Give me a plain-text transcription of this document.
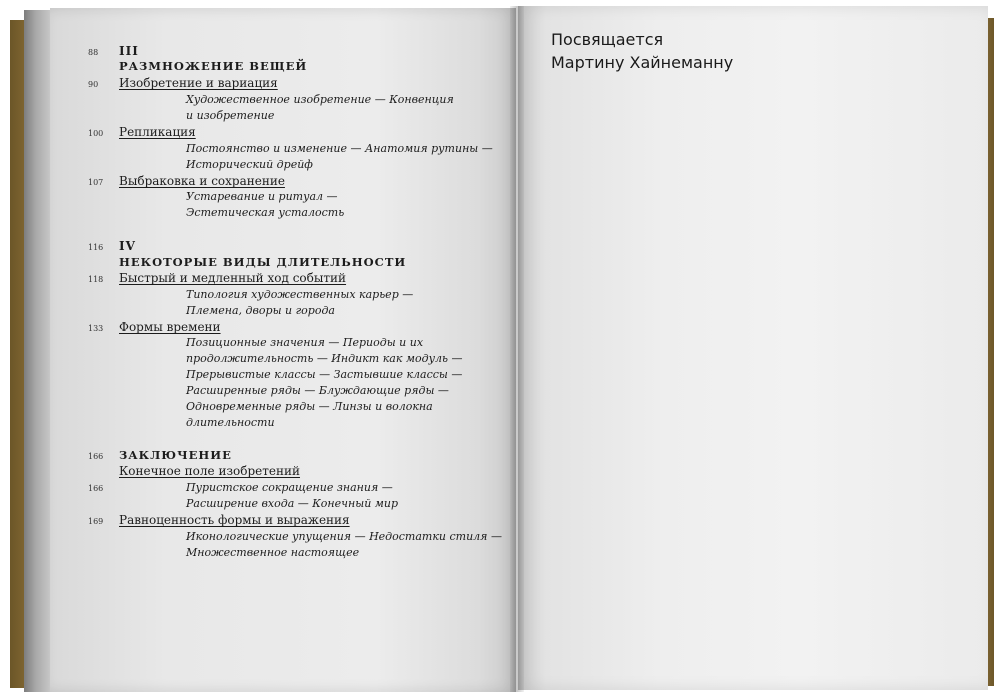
88	III
РАЗМНОЖЕНИЕ ВЕЩЕЙ
90	Изобретение и вариация
Художественное изобретение — Конвенция
и изобретение
100	Репликация
Постоянство и изменение — Анатомия рутины —
Исторический дрейф
107	Выбраковка и сохранение
Устаревание и ритуал —
Эстетическая усталость
116	IV
НЕКОТОРЫЕ ВИДЫ ДЛИТЕЛЬНОСТИ
118	Быстрый и медленный ход событий
Типология художественных карьер —
Племена, дворы и города
133	Формы времени
Позиционные значения — Периоды и их
продолжительность — Индикт как модуль —
Прерывистые классы — Застывшие классы —
Расширенные ряды — Блуждающие ряды —
Одновременные ряды — Линзы и волокна
длительности
166	ЗАКЛЮЧЕНИЕ
Конечное поле изобретений
166	Пуристское сокращение знания —
Расширение входа — Конечный мир
169	Равноценность формы и выражения
Иконологические упущения — Недостатки стиля —
Множественное настоящее
Посвящается
Мартину Хайнеманну
